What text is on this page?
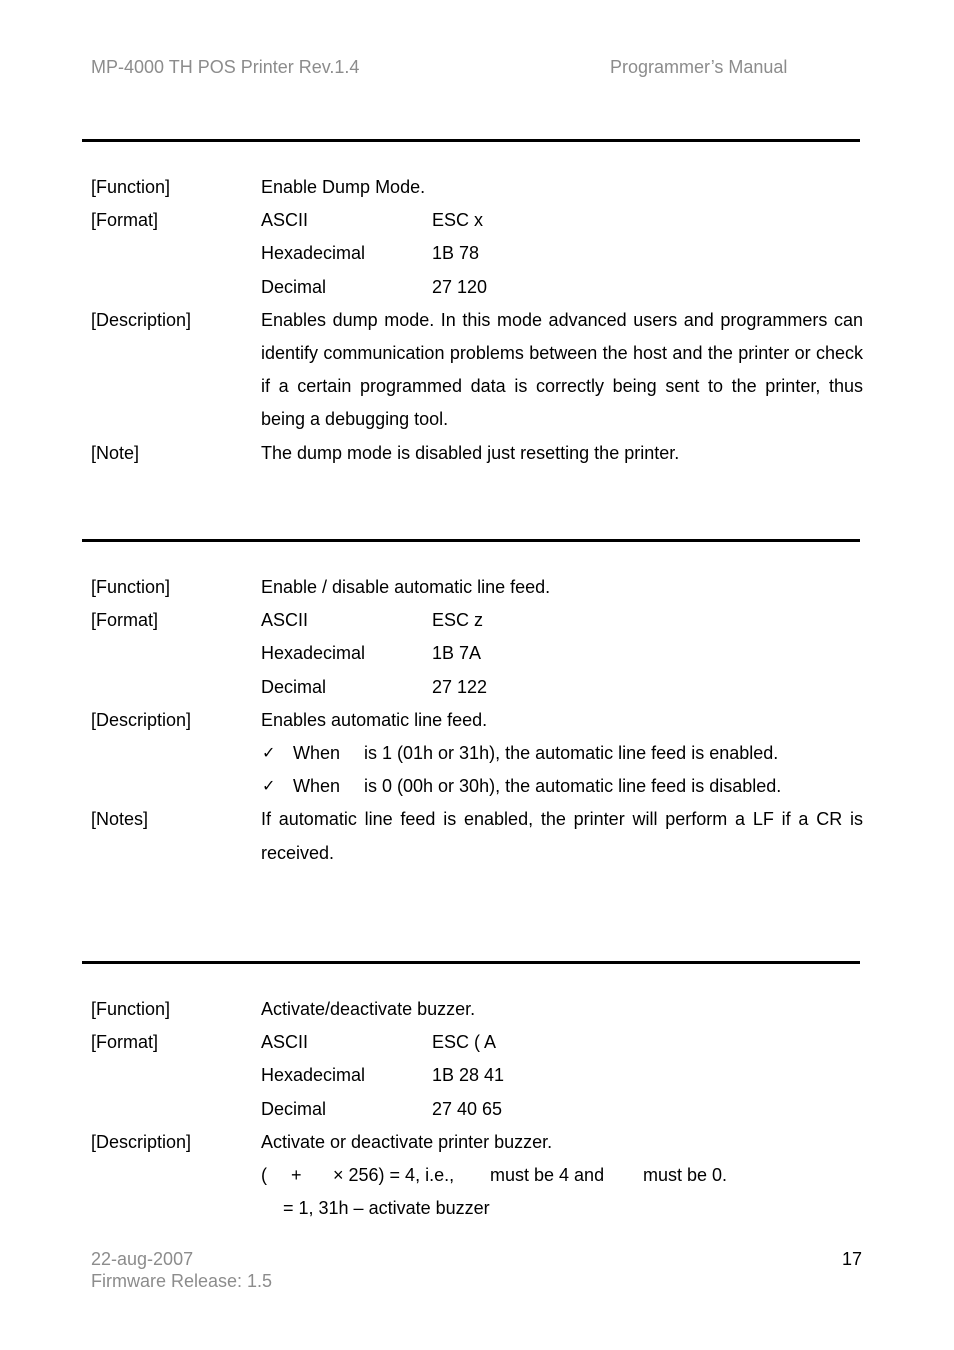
MP-4000 TH POS Printer Rev.1.4	Programmer’s Manual
[Function]	Enable Dump Mode.
[Format]	ASCII	ESC x
Hexadecimal	1B 78
Decimal	27 120
[Description]	Enables dump mode. In this mode advanced users and programmers can identify communication problems between the host and the printer or check if a certain programmed data is correctly being sent to the printer, thus being a debugging tool.
[Note]	The dump mode is disabled just resetting the printer.
[Function]	Enable / disable automatic line feed.
[Format]	ASCII	ESC z
Hexadecimal	1B 7A
Decimal	27 122
[Description]	Enables automatic line feed.
✓ When is 1 (01h or 31h), the automatic line feed is enabled.
✓ When is 0 (00h or 30h), the automatic line feed is disabled.
[Notes]	If automatic line feed is enabled, the printer will perform a LF if a CR is received.
[Function]	Activate/deactivate buzzer.
[Format]	ASCII	ESC ( A
Hexadecimal	1B 28 41
Decimal	27 40 65
[Description]	Activate or deactivate printer buzzer.
( + × 256) = 4, i.e., must be 4 and must be 0.
= 1, 31h – activate buzzer
22-aug-2007
Firmware Release: 1.5
17
